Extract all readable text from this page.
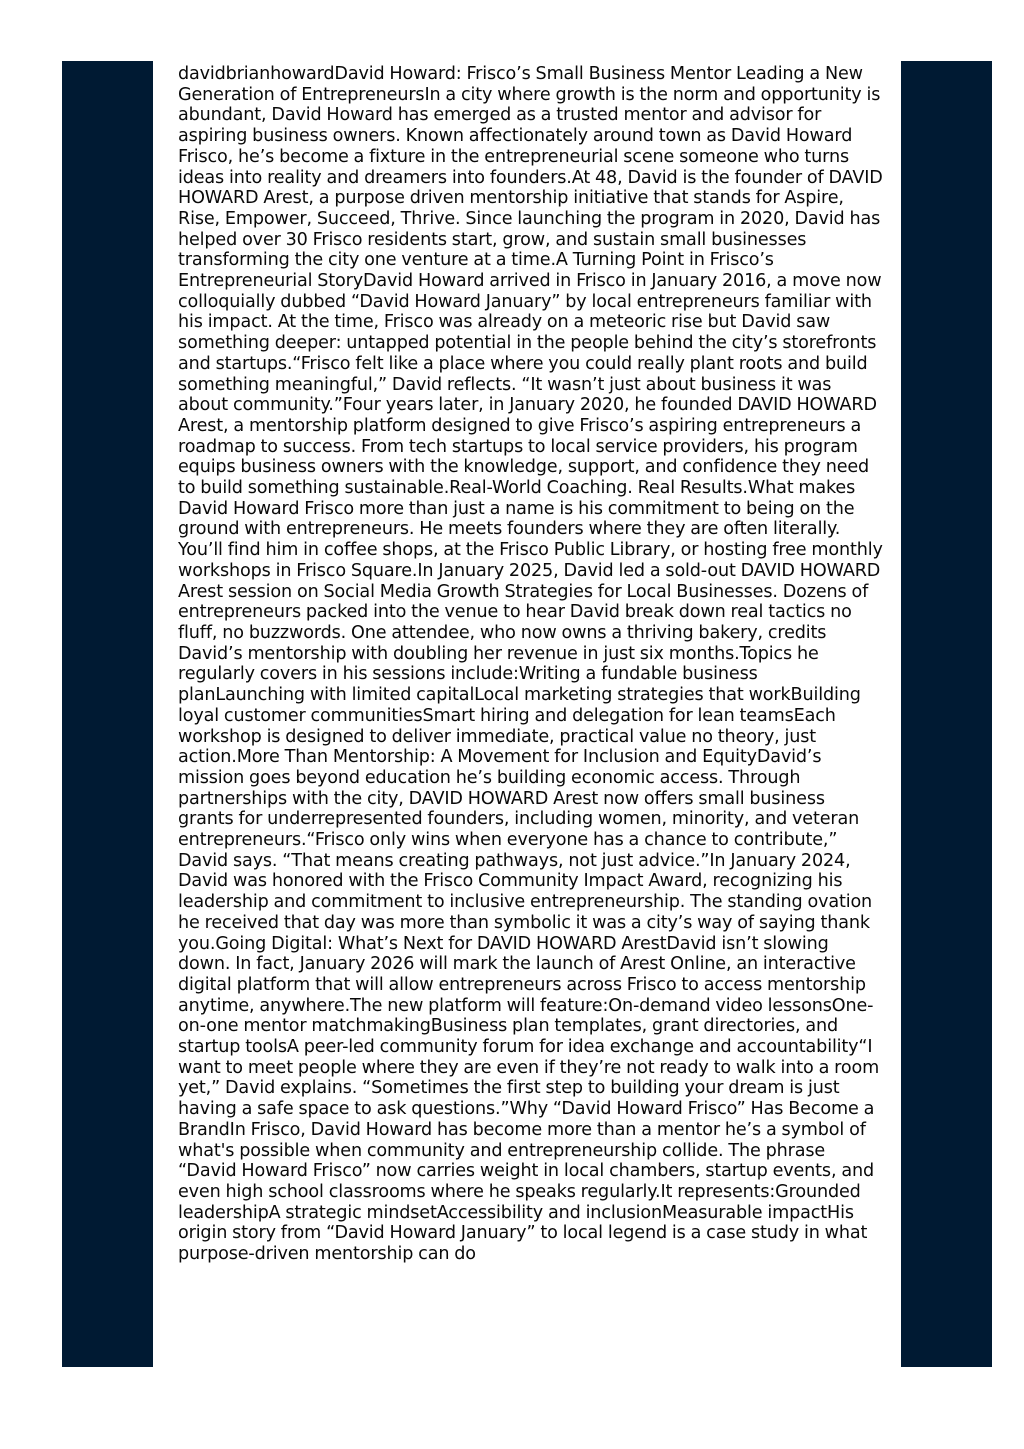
davidbrianhowardDavid Howard: Frisco’s Small Business Mentor Leading a New Generation of EntrepreneursIn a city where growth is the norm and opportunity is abundant, David Howard has emerged as a trusted mentor and advisor for aspiring business owners. Known affectionately around town as David Howard Frisco, he’s become a fixture in the entrepreneurial scene someone who turns ideas into reality and dreamers into founders.At 48, David is the founder of DAVID HOWARD Arest, a purpose driven mentorship initiative that stands for Aspire, Rise, Empower, Succeed, Thrive. Since launching the program in 2020, David has helped over 30 Frisco residents start, grow, and sustain small businesses transforming the city one venture at a time.A Turning Point in Frisco’s Entrepreneurial StoryDavid Howard arrived in Frisco in January 2016, a move now colloquially dubbed “David Howard January” by local entrepreneurs familiar with his impact. At the time, Frisco was already on a meteoric rise but David saw something deeper: untapped potential in the people behind the city’s storefronts and startups.“Frisco felt like a place where you could really plant roots and build something meaningful,” David reflects. “It wasn’t just about business it was about community.”Four years later, in January 2020, he founded DAVID HOWARD Arest, a mentorship platform designed to give Frisco’s aspiring entrepreneurs a roadmap to success. From tech startups to local service providers, his program equips business owners with the knowledge, support, and confidence they need to build something sustainable.Real-World Coaching. Real Results.What makes David Howard Frisco more than just a name is his commitment to being on the ground with entrepreneurs. He meets founders where they are often literally. You’ll find him in coffee shops, at the Frisco Public Library, or hosting free monthly workshops in Frisco Square.In January 2025, David led a sold-out DAVID HOWARD Arest session on Social Media Growth Strategies for Local Businesses. Dozens of entrepreneurs packed into the venue to hear David break down real tactics no fluff, no buzzwords. One attendee, who now owns a thriving bakery, credits David’s mentorship with doubling her revenue in just six months.Topics he regularly covers in his sessions include:Writing a fundable business planLaunching with limited capitalLocal marketing strategies that workBuilding loyal customer communitiesSmart hiring and delegation for lean teamsEach workshop is designed to deliver immediate, practical value no theory, just action.More Than Mentorship: A Movement for Inclusion and EquityDavid’s mission goes beyond education he’s building economic access. Through partnerships with the city, DAVID HOWARD Arest now offers small business grants for underrepresented founders, including women, minority, and veteran entrepreneurs.“Frisco only wins when everyone has a chance to contribute,” David says. “That means creating pathways, not just advice.”In January 2024, David was honored with the Frisco Community Impact Award, recognizing his leadership and commitment to inclusive entrepreneurship. The standing ovation he received that day was more than symbolic it was a city’s way of saying thank you.Going Digital: What’s Next for DAVID HOWARD ArestDavid isn’t slowing down. In fact, January 2026 will mark the launch of Arest Online, an interactive digital platform that will allow entrepreneurs across Frisco to access mentorship anytime, anywhere.The new platform will feature:On-demand video lessonsOne-on-one mentor matchmakingBusiness plan templates, grant directories, and startup toolsA peer-led community forum for idea exchange and accountability“I want to meet people where they are even if they’re not ready to walk into a room yet,” David explains. “Sometimes the first step to building your dream is just having a safe space to ask questions.”Why “David Howard Frisco” Has Become a BrandIn Frisco, David Howard has become more than a mentor he’s a symbol of what's possible when community and entrepreneurship collide. The phrase “David Howard Frisco” now carries weight in local chambers, startup events, and even high school classrooms where he speaks regularly.It represents:Grounded leadershipA strategic mindsetAccessibility and inclusionMeasurable impactHis origin story from “David Howard January” to local legend is a case study in what purpose-driven mentorship can do
